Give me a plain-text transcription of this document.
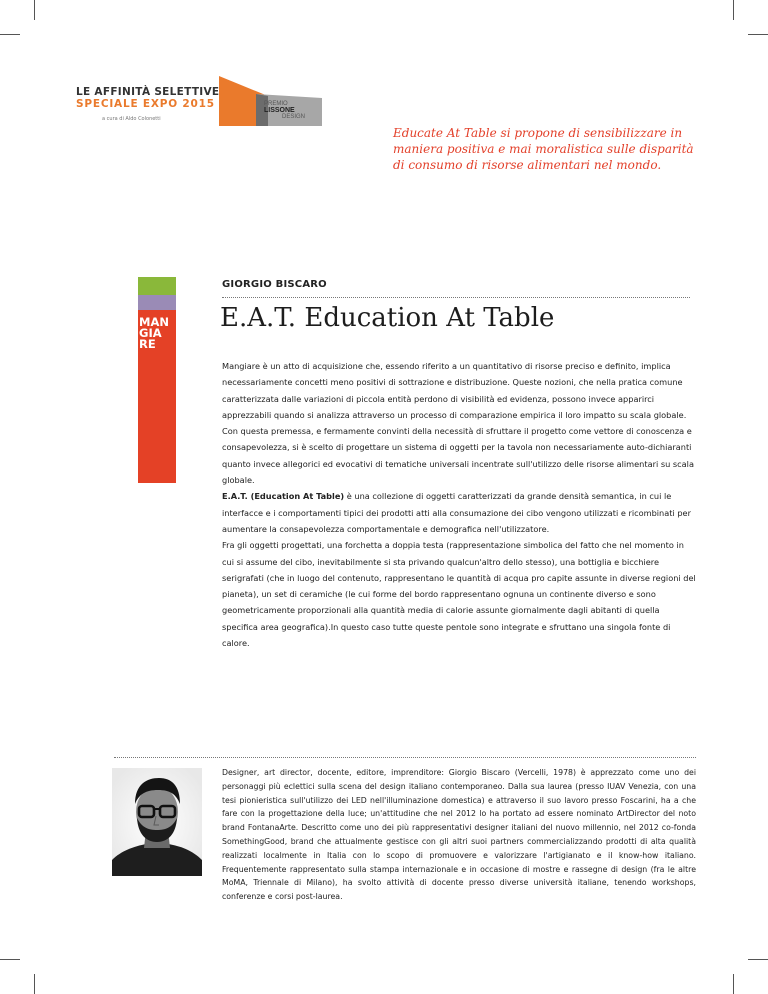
LE AFFINITÀ SELETTIVE
SPECIALE EXPO 2015
a cura di Aldo Colonetti
PREMIO
LISSONE
DESIGN
Educate At Table si propone di sensibilizzare in maniera positiva e mai moralistica sulle disparità di consumo di risorse alimentari nel mondo.
MAN
GIA
RE
GIORGIO BISCARO
E.A.T. Education At Table

Mangiare è un atto di acquisizione che, essendo riferito a un quantitativo di risorse preciso e definito, implica necessariamente concetti meno positivi di sottrazione e distribuzione. Queste nozioni, che nella pratica comune caratterizzata dalle variazioni di piccola entità perdono di visibilità ed evidenza, possono invece apparirci apprezzabili quando si analizza attraverso un processo di comparazione empirica il loro impatto su scala globale. Con questa premessa, e fermamente convinti della necessità di sfruttare il progetto come vettore di conoscenza e consapevolezza, si è scelto di progettare un sistema di oggetti per la tavola non necessariamente auto-dichiaranti quanto invece allegorici ed evocativi di tematiche universali incentrate sull'utilizzo delle risorse alimentari su scala globale.

E.A.T. (Education At Table) è una collezione di oggetti caratterizzati da grande densità semantica, in cui le interfacce e i comportamenti tipici dei prodotti atti alla consumazione dei cibo vengono utilizzati e ricombinati per aumentare la consapevolezza comportamentale e demografica nell'utilizzatore.

Fra gli oggetti progettati, una forchetta a doppia testa (rappresentazione simbolica del fatto che nel momento in cui si assume del cibo, inevitabilmente si sta privando qualcun'altro dello stesso), una bottiglia e bicchiere serigrafati (che in luogo del contenuto, rappresentano le quantità di acqua pro capite assunte in diverse regioni del pianeta), un set di ceramiche (le cui forme del bordo rappresentano ognuna un continente diverso e sono geometricamente proporzionali alla quantità media di calorie assunte giornalmente dagli abitanti di quella specifica area geografica).In questo caso tutte queste pentole sono integrate e sfruttano una singola fonte di calore.

Designer, art director, docente, editore, imprenditore: Giorgio Biscaro (Vercelli, 1978) è apprezzato come uno dei personaggi più eclettici sulla scena del design italiano contemporaneo. Dalla sua laurea (presso IUAV Venezia, con una tesi pionieristica sull'utilizzo dei LED nell'illuminazione domestica) e attraverso il suo lavoro presso Foscarini, ha a che fare con la progettazione della luce; un'attitudine che nel 2012 lo ha portato ad essere nominato ArtDirector del noto brand FontanaArte. Descritto come uno dei più rappresentativi designer italiani del nuovo millennio, nel 2012 co-fonda SomethingGood, brand che attualmente gestisce con gli altri suoi partners commercializzando prodotti di alta qualità realizzati localmente in Italia con lo scopo di promuovere e valorizzare l'artigianato e il know-how italiano. Frequentemente rappresentato sulla stampa internazionale e in occasione di mostre e rassegne di design (fra le altre MoMA, Triennale di Milano), ha svolto attività di docente presso diverse università italiane, tenendo workshops, conferenze e corsi post-laurea.
